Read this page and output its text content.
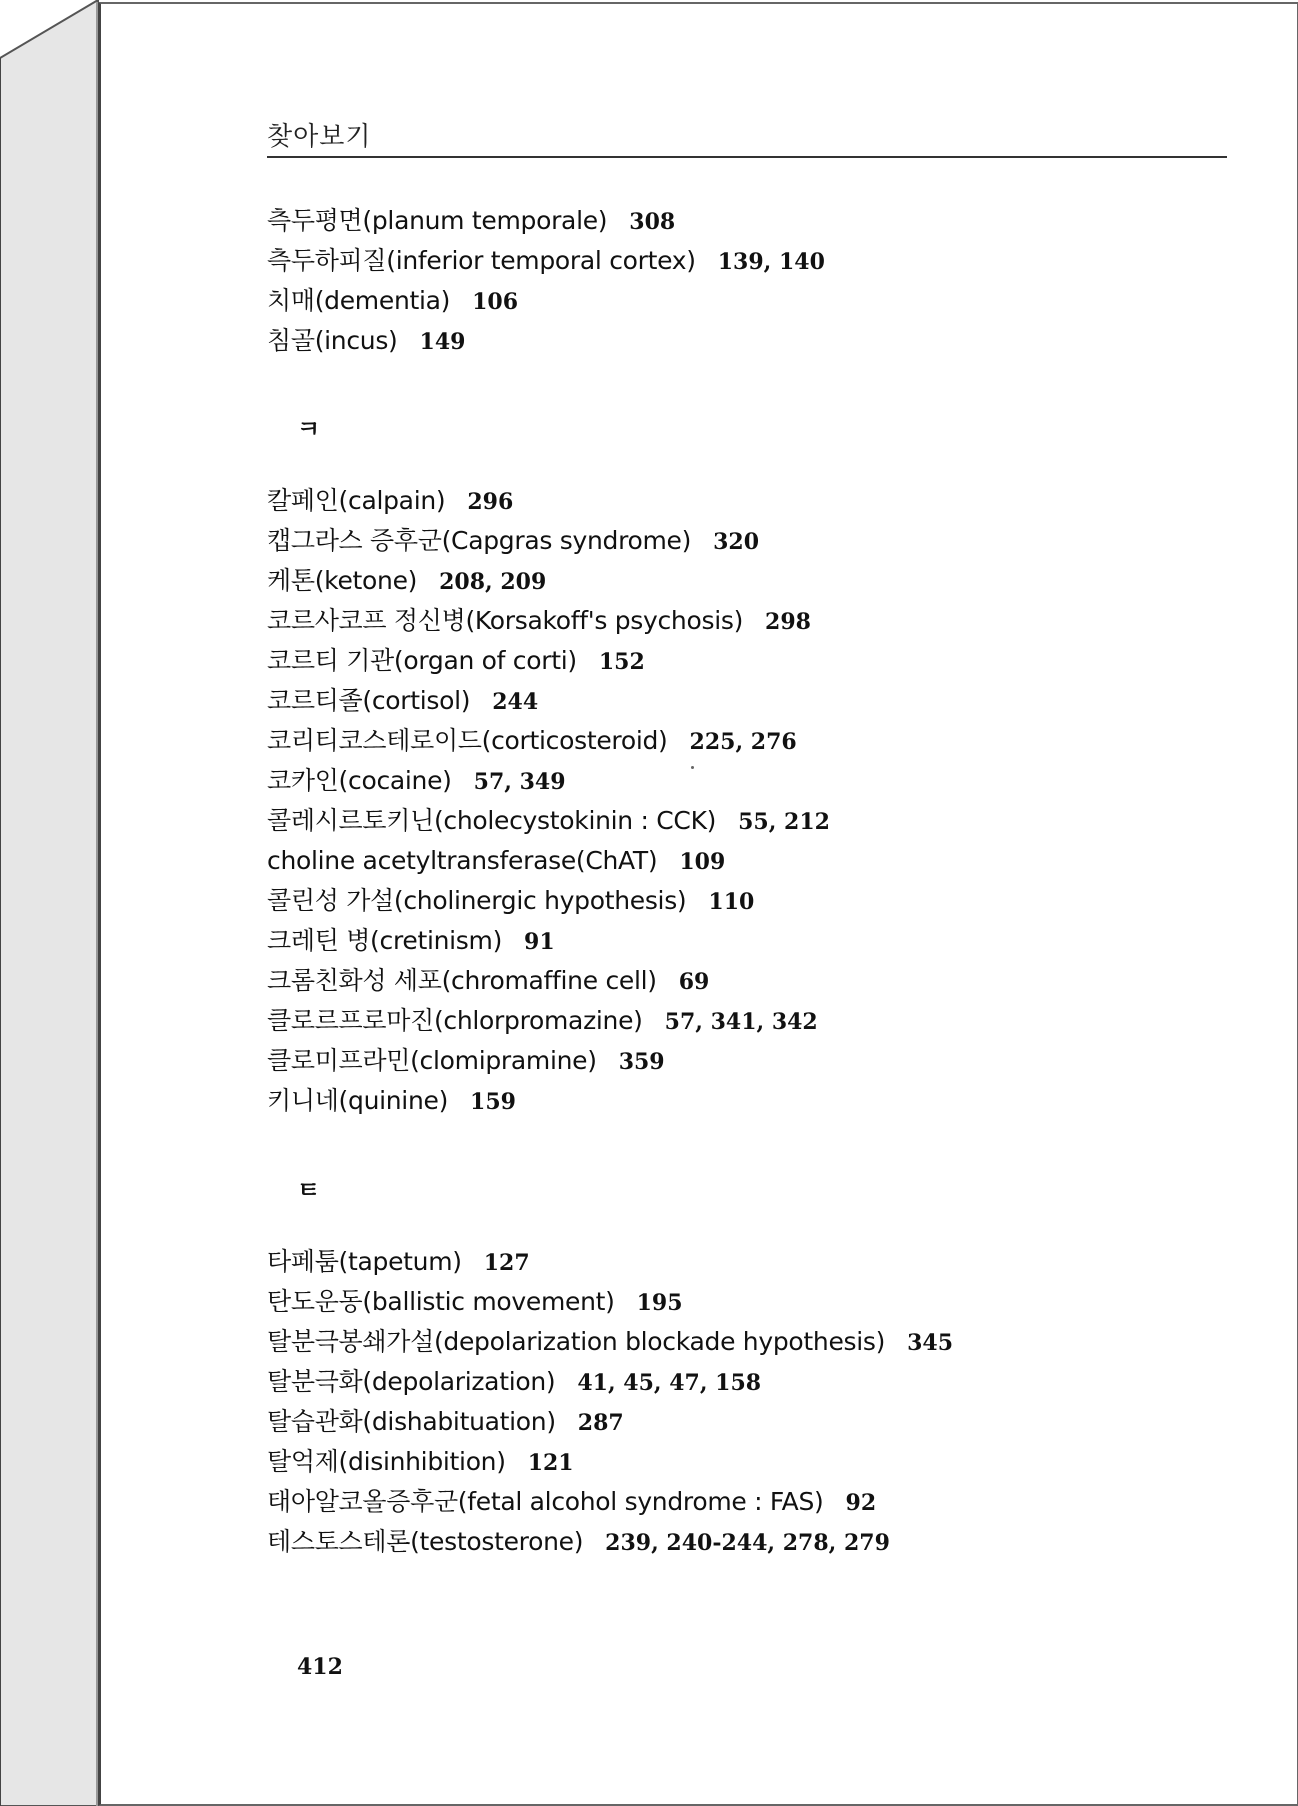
찾아보기
측두평면(planum temporale) 308
측두하피질(inferior temporal cortex) 139, 140
치매(dementia) 106
침골(incus) 149
ㅋ
칼페인(calpain) 296
캡그라스 증후군(Capgras syndrome) 320
케톤(ketone) 208, 209
코르사코프 정신병(Korsakoff's psychosis) 298
코르티 기관(organ of corti) 152
코르티졸(cortisol) 244
코리티코스테로이드(corticosteroid) 225, 276
코카인(cocaine) 57, 349
콜레시르토키닌(cholecystokinin : CCK) 55, 212
choline acetyltransferase(ChAT) 109
콜린성 가설(cholinergic hypothesis) 110
크레틴 병(cretinism) 91
크롬친화성 세포(chromaffine cell) 69
클로르프로마진(chlorpromazine) 57, 341, 342
클로미프라민(clomipramine) 359
키니네(quinine) 159
ㅌ
타페툼(tapetum) 127
탄도운동(ballistic movement) 195
탈분극봉쇄가설(depolarization blockade hypothesis) 345
탈분극화(depolarization) 41, 45, 47, 158
탈습관화(dishabituation) 287
탈억제(disinhibition) 121
태아알코올증후군(fetal alcohol syndrome : FAS) 92
테스토스테론(testosterone) 239, 240-244, 278, 279
412
